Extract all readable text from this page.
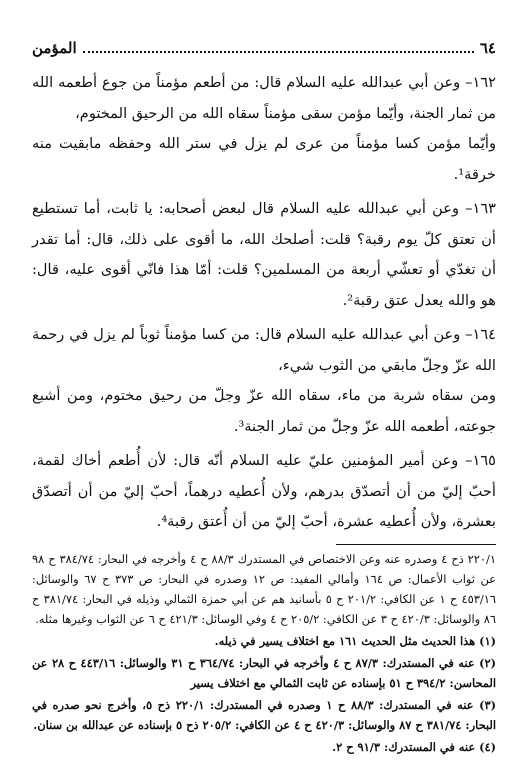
٦٤
المؤمن

١٦٢– وعن أبي عبدالله عليه السلام قال: من أطعم مؤمناً من جوع أطعمه الله من ثمار الجنة، وأيّما مؤمن سقى مؤمناً سقاه الله من الرحيق المختوم،

وأيّما مؤمن كسا مؤمناً من عرى لم يزل في ستر الله وحفظه مابقيت منه خرقة¹.

١٦٣– وعن أبي عبدالله عليه السلام قال لبعض أصحابه: يا ثابت، أما تستطيع أن تعتق كلّ يوم رقبة؟ قلت: أصلحك الله، ما أقوى على ذلك، قال: أما تقدر أن تغدّي أو تعشّي أربعة من المسلمين؟ قلت: أمّا هذا فانّي أقوى عليه، قال: هو والله يعدل عتق رقبة².

١٦٤– وعن أبي عبدالله عليه السلام قال: من كسا مؤمناً ثوباً لم يزل في رحمة الله عزّ وجلّ مابقي من الثوب شيء،

ومن سقاه شربة من ماء، سقاه الله عزّ وجلّ من رحيق مختوم، ومن أشبع جوعته، أطعمه الله عزّ وجلّ من ثمار الجنة³.

١٦٥– وعن أمير المؤمنين عليّ عليه السلام أنّه قال: لأن أُطعم أخاك لقمة، أحبّ إليّ من أن أتصدّق بدرهم، ولأن أُعطيه درهماً، أحبّ إليّ من أن أتصدّق بعشرة، ولأن أُعطيه عشرة، أحبّ إليّ من أن أُعتق رقبة⁴.

٢٢٠/١ ذح ٤ وصدره عنه وعن الاختصاص في المستدرك ٨٨/٣ ح ٤ وأخرجه في البحار: ٣٨٤/٧٤ ح ٩٨ عن ثواب الأعمال: ص ١٦٤ وأمالي المفيد: ص ١٢ وصدره في البحار: ص ٣٧٣ ح ٦٧ والوسائل: ٤٥٣/١٦ ح ١ عن الكافي: ٢٠١/٢ ح ٥ بأسانيد هم عن أبي حمزة الثمالي وذيله في البحار: ٣٨١/٧٤ ح ٨٦ والوسائل: ٤٢٠/٣ ح ٣ عن الكافي: ٢٠٥/٢ ح ٤ وفي الوسائل: ٤٢١/٣ ح ٦ عن الثواب وغيرها مثله.

(١) هذا الحديث مثل الحديث ١٦١ مع اختلاف يسير في ذيله.

(٢) عنه في المستدرك: ٨٧/٣ ح ٤ وأخرجه في البحار: ٣٦٤/٧٤ ح ٣١ والوسائل: ٤٤٣/١٦ ح ٢٨ عن المحاسن: ٣٩٤/٢ ح ٥١ بإسناده عن ثابت الثمالي مع اختلاف يسير

(٣) عنه في المستدرك: ٨٨/٣ ح ١ وصدره في المستدرك: ٢٢٠/١ ذح ٥، وأخرج نحو صدره في البحار: ٣٨١/٧٤ ح ٨٧ والوسائل: ٤٢٠/٣ ح ٤ عن الكافي: ٢٠٥/٢ ذح ٥ بإسناده عن عبدالله بن سنان.

(٤) عنه في المستدرك: ٩١/٣ ح ٢.
